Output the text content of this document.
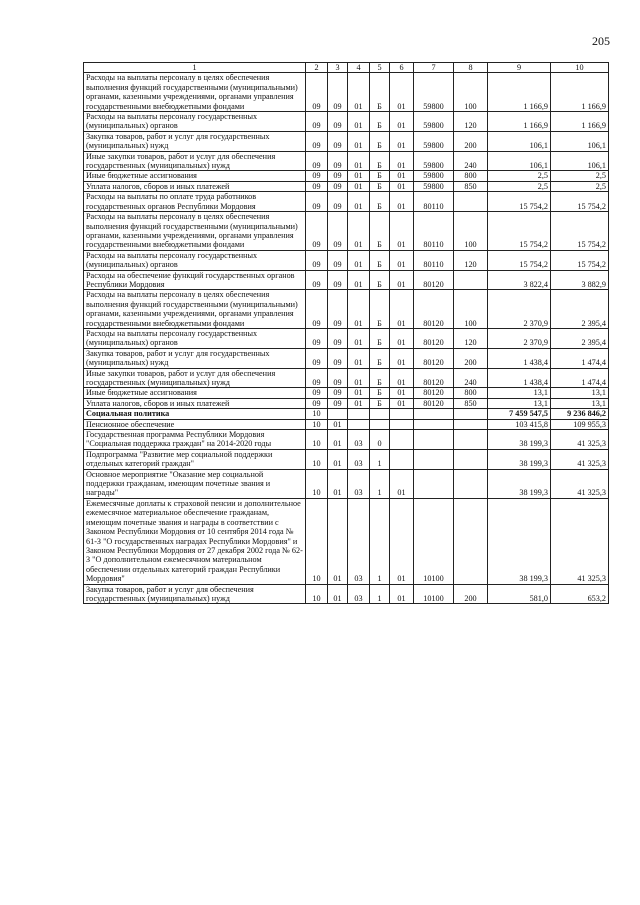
205
1	2	3	4	5	6	7	8	9	10
Расходы на выплаты персоналу в целях обеспечения выполнения функций государственными (муниципальными) органами, казенными учреждениями, органами управления государственными внебюджетными фондами	09	09	01	Б	01	59800	100	1 166,9	1 166,9
Расходы на выплаты персоналу государственных (муниципальных) органов	09	09	01	Б	01	59800	120	1 166,9	1 166,9
Закупка товаров, работ и услуг для государственных (муниципальных) нужд	09	09	01	Б	01	59800	200	106,1	106,1
Иные закупки товаров, работ и услуг для обеспечения государственных (муниципальных) нужд	09	09	01	Б	01	59800	240	106,1	106,1
Иные бюджетные ассигнования	09	09	01	Б	01	59800	800	2,5	2,5
Уплата налогов, сборов и иных платежей	09	09	01	Б	01	59800	850	2,5	2,5
Расходы на выплаты по оплате труда работников государственных органов Республики Мордовия	09	09	01	Б	01	80110		15 754,2	15 754,2
Расходы на выплаты персоналу в целях обеспечения выполнения функций государственными (муниципальными) органами, казенными учреждениями, органами управления государственными внебюджетными фондами	09	09	01	Б	01	80110	100	15 754,2	15 754,2
Расходы на выплаты персоналу государственных (муниципальных) органов	09	09	01	Б	01	80110	120	15 754,2	15 754,2
Расходы на обеспечение функций государственных органов Республики Мордовия	09	09	01	Б	01	80120		3 822,4	3 882,9
Расходы на выплаты персоналу в целях обеспечения выполнения функций государственными (муниципальными) органами, казенными учреждениями, органами управления государственными внебюджетными фондами	09	09	01	Б	01	80120	100	2 370,9	2 395,4
Расходы на выплаты персоналу государственных (муниципальных) органов	09	09	01	Б	01	80120	120	2 370,9	2 395,4
Закупка товаров, работ и услуг для государственных (муниципальных) нужд	09	09	01	Б	01	80120	200	1 438,4	1 474,4
Иные закупки товаров, работ и услуг для обеспечения государственных (муниципальных) нужд	09	09	01	Б	01	80120	240	1 438,4	1 474,4
Иные бюджетные ассигнования	09	09	01	Б	01	80120	800	13,1	13,1
Уплата налогов, сборов и иных платежей	09	09	01	Б	01	80120	850	13,1	13,1
Социальная политика	10							7 459 547,5	9 236 846,2
Пенсионное обеспечение	10	01						103 415,8	109 955,3
Государственная программа Республики Мордовия "Социальная поддержка граждан" на 2014-2020 годы	10	01	03	0				38 199,3	41 325,3
Подпрограмма "Развитие мер социальной поддержки отдельных категорий граждан"	10	01	03	1				38 199,3	41 325,3
Основное мероприятие "Оказание мер социальной поддержки гражданам, имеющим почетные звания и награды"	10	01	03	1	01			38 199,3	41 325,3
Ежемесячные доплаты к страховой пенсии и дополнительное ежемесячное материальное обеспечение гражданам, имеющим почетные звания и награды в соответствии с Законом Республики Мордовия от 10 сентября 2014 года № 61-З "О государственных наградах Республики Мордовия" и Законом Республики Мордовия от 27 декабря 2002 года № 62-З "О дополнительном ежемесячном материальном обеспечении отдельных категорий граждан Республики Мордовия"	10	01	03	1	01	10100		38 199,3	41 325,3
Закупка товаров, работ и услуг для обеспечения государственных (муниципальных) нужд	10	01	03	1	01	10100	200	581,0	653,2
